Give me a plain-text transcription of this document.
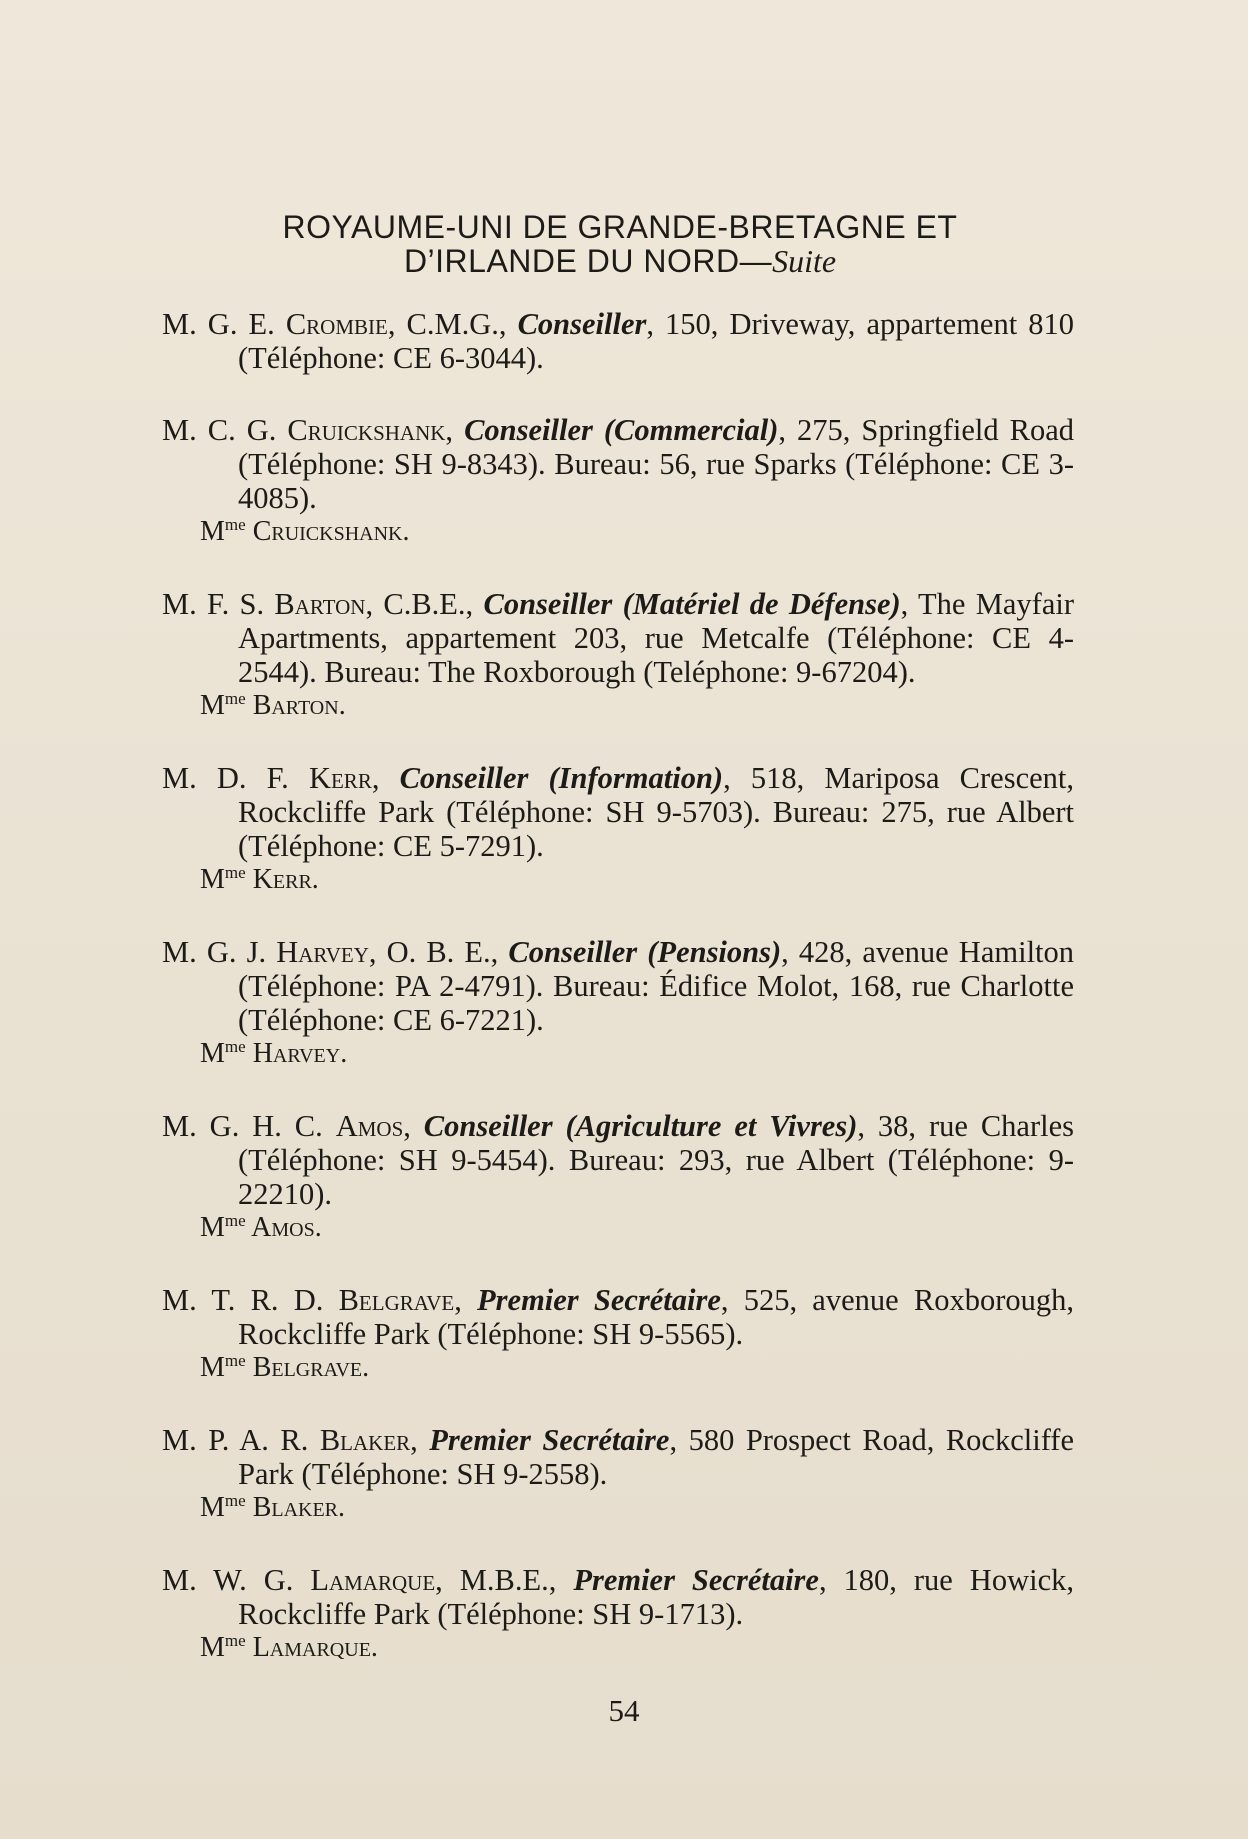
ROYAUME-UNI DE GRANDE-BRETAGNE ET
D’IRLANDE DU NORD—Suite
M. G. E. Crombie, C.M.G., Conseiller, 150, Driveway, appartement 810 (Téléphone: CE 6-3044).
M. C. G. Cruickshank, Conseiller (Commercial), 275, Springfield Road (Téléphone: SH 9-8343). Bureau: 56, rue Sparks (Téléphone: CE 3-4085).
$M^{me}$ Cruickshank.
M. F. S. Barton, C.B.E., Conseiller (Matériel de Défense), The Mayfair Apartments, appartement 203, rue Metcalfe (Téléphone: CE 4-2544). Bureau: The Roxborough (Teléphone: 9-67204).
$M^{me}$ Barton.
M. D. F. Kerr, Conseiller (Information), 518, Mariposa Crescent, Rockcliffe Park (Téléphone: SH 9-5703). Bureau: 275, rue Albert (Téléphone: CE 5-7291).
$M^{me}$ Kerr.
M. G. J. Harvey, O. B. E., Conseiller (Pensions), 428, avenue Hamilton (Téléphone: PA 2-4791). Bureau: Édifice Molot, 168, rue Charlotte (Téléphone: CE 6-7221).
$M^{me}$ Harvey.
M. G. H. C. Amos, Conseiller (Agriculture et Vivres), 38, rue Charles (Téléphone: SH 9-5454). Bureau: 293, rue Albert (Téléphone: 9-22210).
$M^{me}$ Amos.
M. T. R. D. Belgrave, Premier Secrétaire, 525, avenue Roxborough, Rockcliffe Park (Téléphone: SH 9-5565).
$M^{me}$ Belgrave.
M. P. A. R. Blaker, Premier Secrétaire, 580 Prospect Road, Rockcliffe Park (Téléphone: SH 9-2558).
$M^{me}$ Blaker.
M. W. G. Lamarque, M.B.E., Premier Secrétaire, 180, rue Howick, Rockcliffe Park (Téléphone: SH 9-1713).
$M^{me}$ Lamarque.
54
